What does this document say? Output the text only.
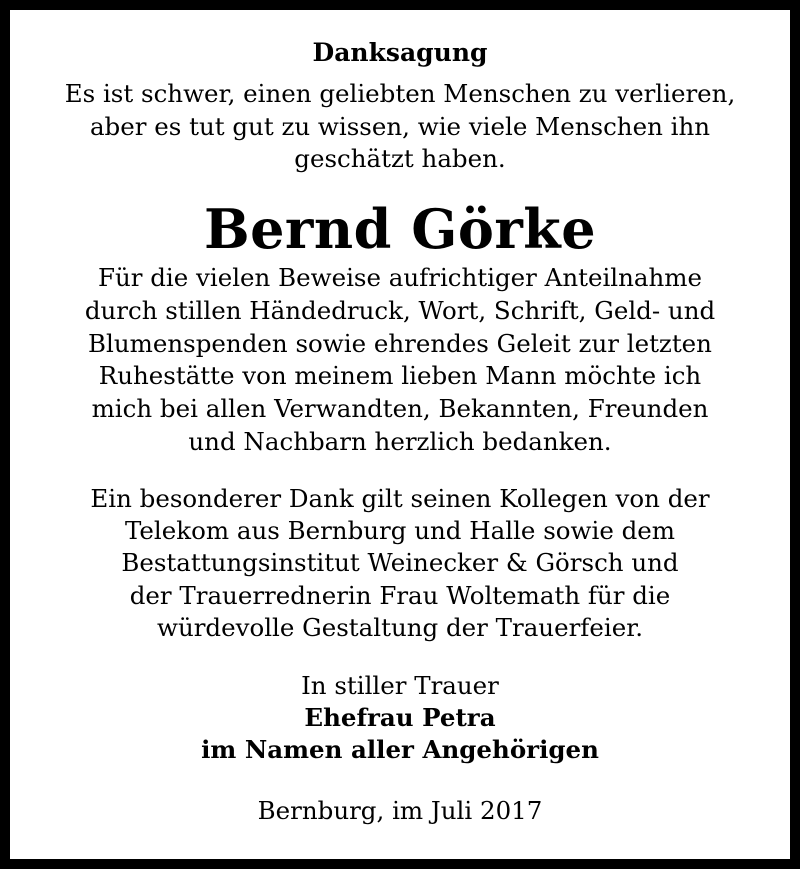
Danksagung
Es ist schwer, einen geliebten Menschen zu verlieren,
aber es tut gut zu wissen, wie viele Menschen ihn
geschätzt haben.
Bernd Görke
Für die vielen Beweise aufrichtiger Anteilnahme
durch stillen Händedruck, Wort, Schrift, Geld- und
Blumenspenden sowie ehrendes Geleit zur letzten
Ruhestätte von meinem lieben Mann möchte ich
mich bei allen Verwandten, Bekannten, Freunden
und Nachbarn herzlich bedanken.
Ein besonderer Dank gilt seinen Kollegen von der
Telekom aus Bernburg und Halle sowie dem
Bestattungsinstitut Weinecker & Görsch und
der Trauerrednerin Frau Woltemath für die
würdevolle Gestaltung der Trauerfeier.
In stiller Trauer
Ehefrau Petra
im Namen aller Angehörigen
Bernburg, im Juli 2017
